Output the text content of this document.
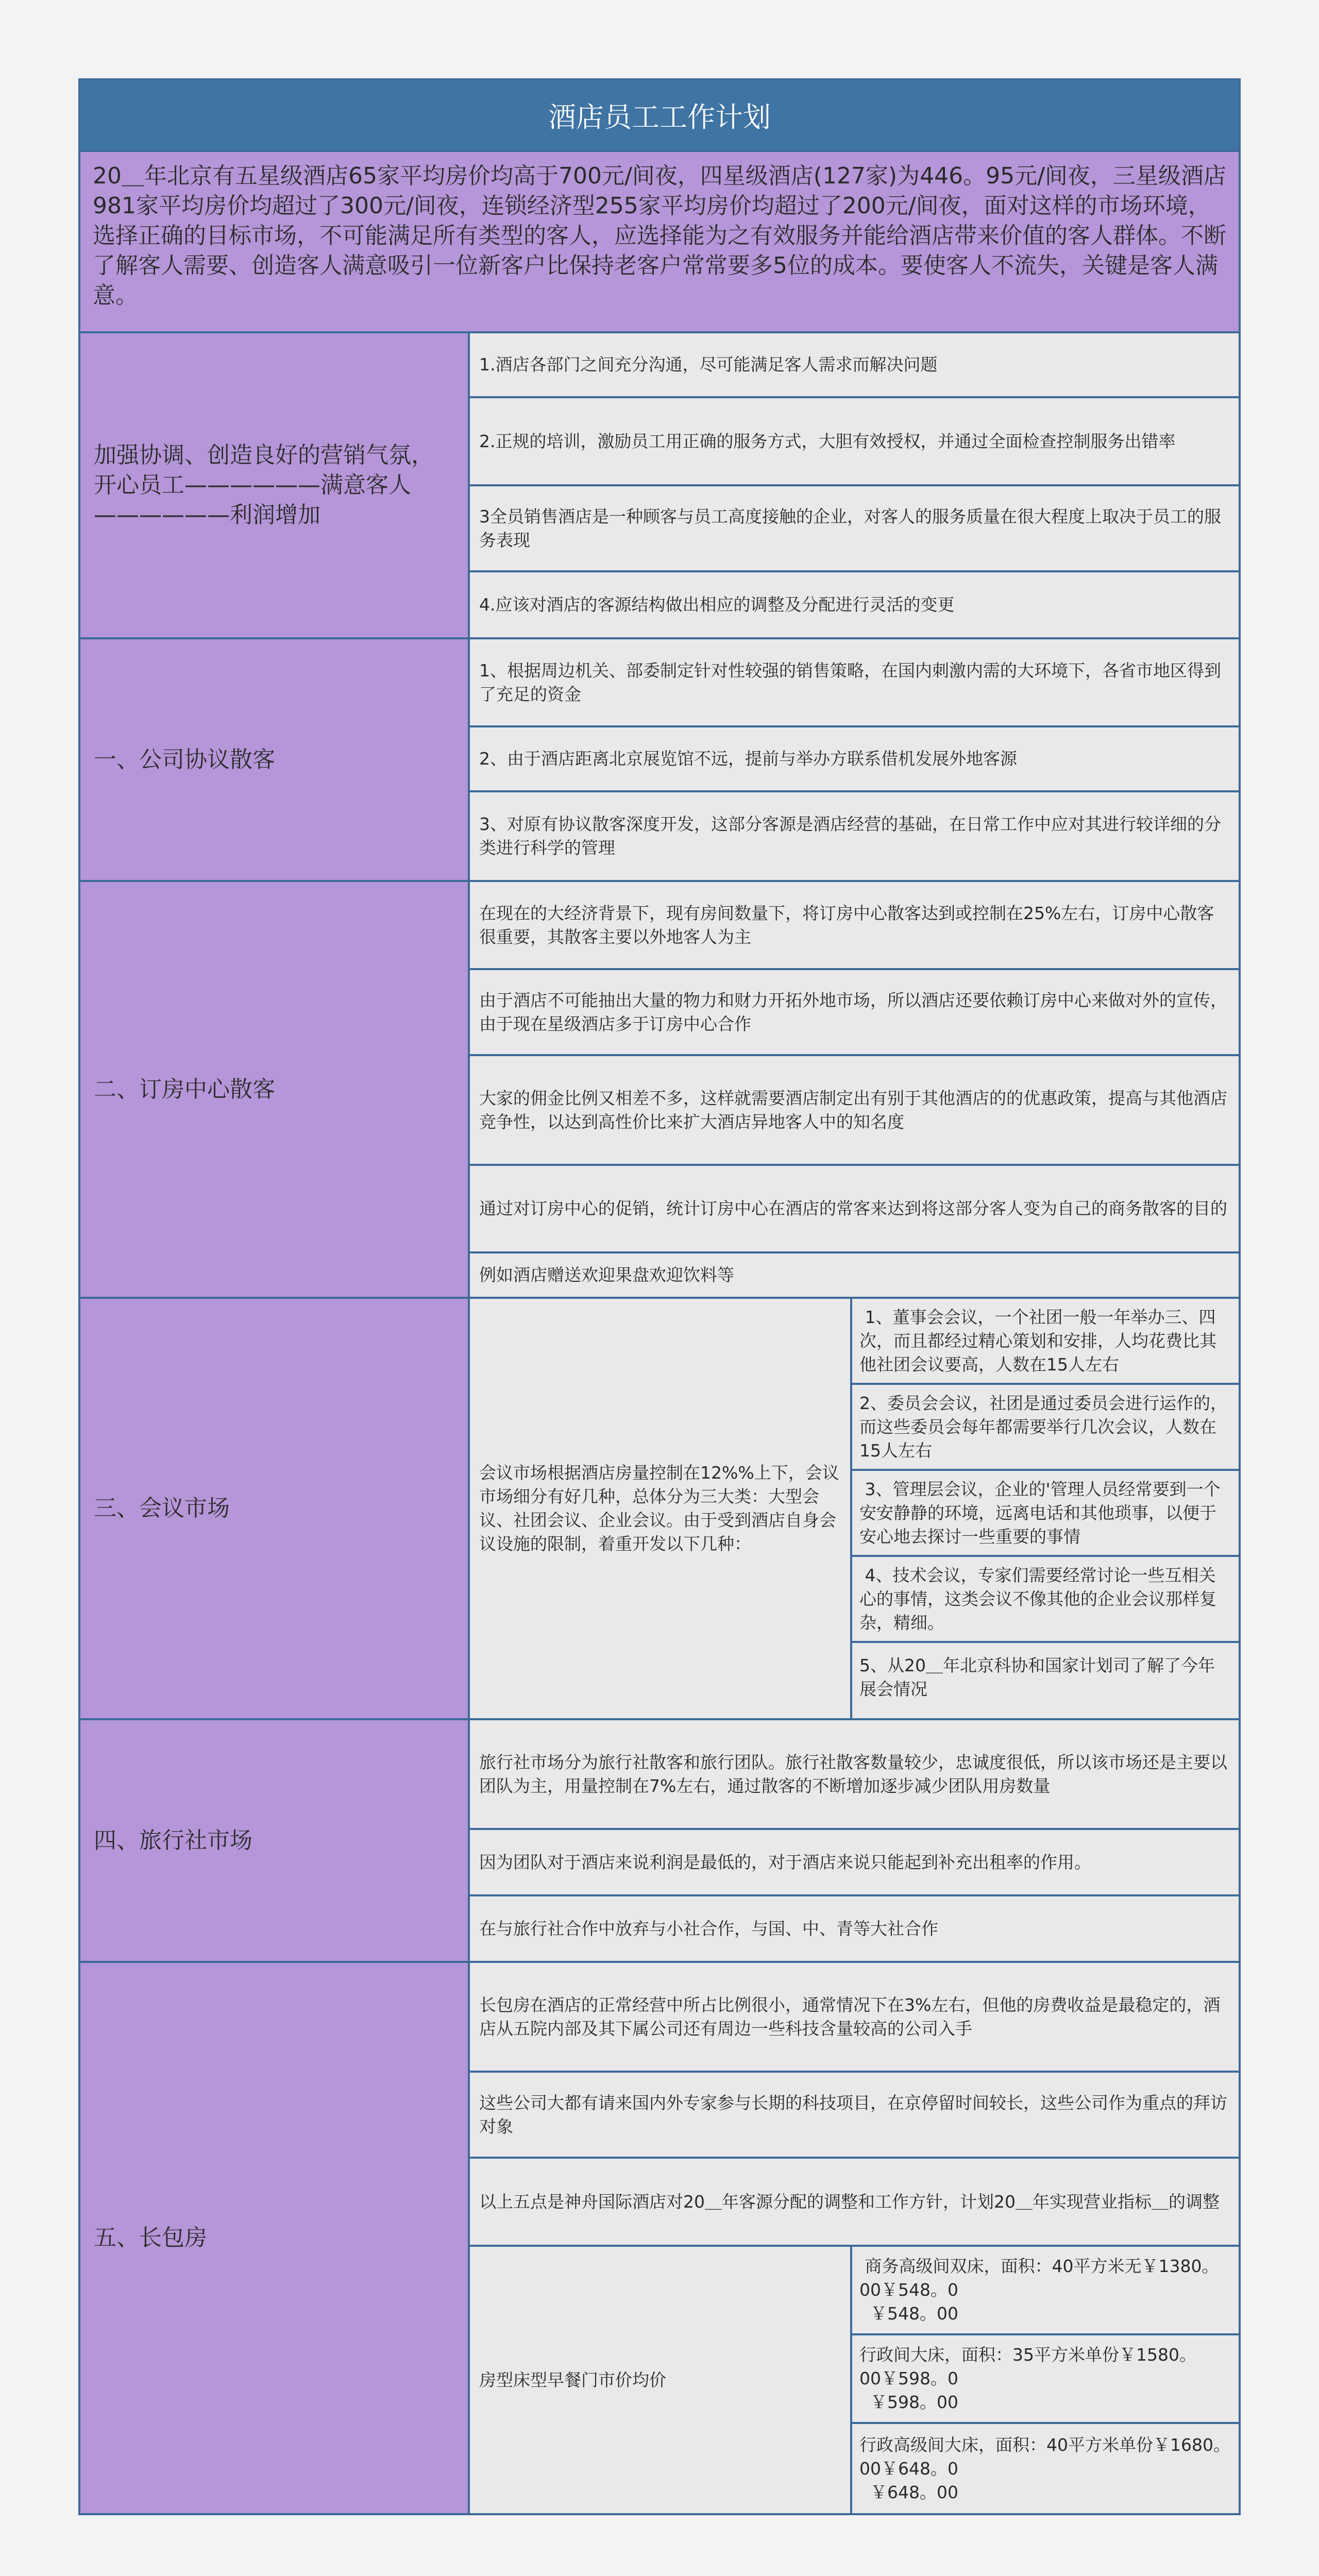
酒店员工工作计划
20＿年北京有五星级酒店65家平均房价均高于700元/间夜，四星级酒店(127家)为446。95元/间夜，三星级酒店981家平均房价均超过了300元/间夜，连锁经济型255家平均房价均超过了200元/间夜，面对这样的市场环境，选择正确的目标市场，不可能满足所有类型的客人，应选择能为之有效服务并能给酒店带来价值的客人群体。不断了解客人需要、创造客人满意吸引一位新客户比保持老客户常常要多5位的成本。要使客人不流失，关键是客人满意。
加强协调、创造良好的营销气氛，开心员工——————满意客人——————利润增加
1.酒店各部门之间充分沟通，尽可能满足客人需求而解决问题
2.正规的培训，激励员工用正确的服务方式，大胆有效授权，并通过全面检查控制服务出错率
3全员销售酒店是一种顾客与员工高度接触的企业，对客人的服务质量在很大程度上取决于员工的服务表现
4.应该对酒店的客源结构做出相应的调整及分配进行灵活的变更
一、公司协议散客
1、根据周边机关、部委制定针对性较强的销售策略，在国内刺激内需的大环境下，各省市地区得到了充足的资金
2、由于酒店距离北京展览馆不远，提前与举办方联系借机发展外地客源
3、对原有协议散客深度开发，这部分客源是酒店经营的基础，在日常工作中应对其进行较详细的分类进行科学的管理
二、订房中心散客
在现在的大经济背景下，现有房间数量下，将订房中心散客达到或控制在25%左右，订房中心散客很重要，其散客主要以外地客人为主
由于酒店不可能抽出大量的物力和财力开拓外地市场，所以酒店还要依赖订房中心来做对外的宣传，由于现在星级酒店多于订房中心合作
大家的佣金比例又相差不多，这样就需要酒店制定出有别于其他酒店的的优惠政策，提高与其他酒店竞争性，以达到高性价比来扩大酒店异地客人中的知名度
通过对订房中心的促销，统计订房中心在酒店的常客来达到将这部分客人变为自己的商务散客的目的
例如酒店赠送欢迎果盘欢迎饮料等
三、会议市场
会议市场根据酒店房量控制在12%%上下，会议市场细分有好几种，总体分为三大类：大型会议、社团会议、企业会议。由于受到酒店自身会议设施的限制，着重开发以下几种：
1、董事会会议，一个社团一般一年举办三、四次，而且都经过精心策划和安排，人均花费比其他社团会议要高，人数在15人左右
2、委员会会议，社团是通过委员会进行运作的，而这些委员会每年都需要举行几次会议，人数在15人左右
3、管理层会议，企业的'管理人员经常要到一个安安静静的环境，远离电话和其他琐事，以便于安心地去探讨一些重要的事情
4、技术会议，专家们需要经常讨论一些互相关心的事情，这类会议不像其他的企业会议那样复杂，精细。
5、从20＿年北京科协和国家计划司了解了今年展会情况
四、旅行社市场
旅行社市场分为旅行社散客和旅行团队。旅行社散客数量较少，忠诚度很低，所以该市场还是主要以团队为主，用量控制在7%左右，通过散客的不断增加逐步减少团队用房数量
因为团队对于酒店来说利润是最低的，对于酒店来说只能起到补充出租率的作用。
在与旅行社合作中放弃与小社合作，与国、中、青等大社合作
五、长包房
长包房在酒店的正常经营中所占比例很小，通常情况下在3%左右，但他的房费收益是最稳定的，酒店从五院内部及其下属公司还有周边一些科技含量较高的公司入手
这些公司大都有请来国内外专家参与长期的科技项目，在京停留时间较长，这些公司作为重点的拜访对象
以上五点是神舟国际酒店对20＿年客源分配的调整和工作方针，计划20＿年实现营业指标＿的调整
房型床型早餐门市价均价
商务高级间双床，面积：40平方米无￥1380。00￥548。0
￥548。00
行政间大床，面积：35平方米单份￥1580。00￥598。0
￥598。00
行政高级间大床，面积：40平方米单份￥1680。00￥648。0
￥648。00
